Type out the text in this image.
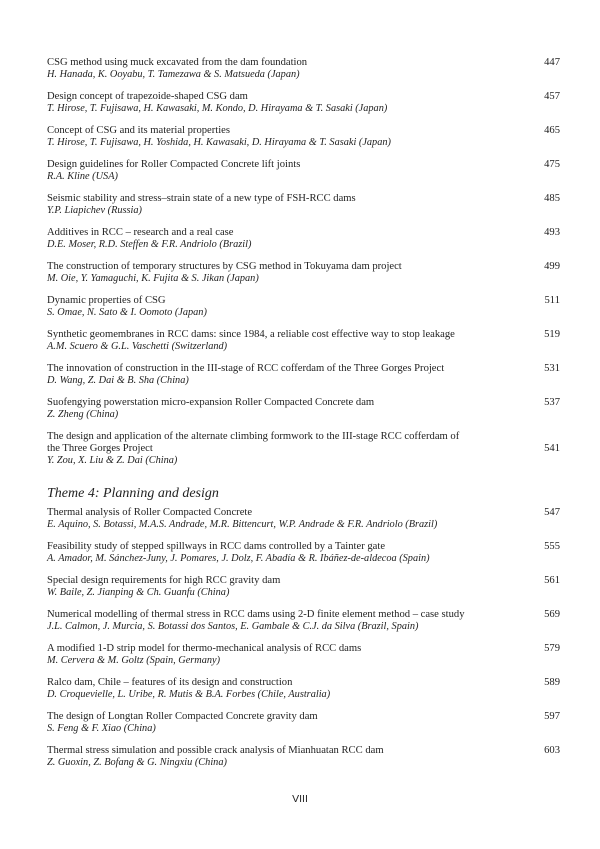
CSG method using muck excavated from the dam foundation
H. Hanada, K. Ooyabu, T. Tamezawa & S. Matsueda (Japan)
447
Design concept of trapezoide-shaped CSG dam
T. Hirose, T. Fujisawa, H. Kawasaki, M. Kondo, D. Hirayama & T. Sasaki (Japan)
457
Concept of CSG and its material properties
T. Hirose, T. Fujisawa, H. Yoshida, H. Kawasaki, D. Hirayama & T. Sasaki (Japan)
465
Design guidelines for Roller Compacted Concrete lift joints
R.A. Kline (USA)
475
Seismic stability and stress–strain state of a new type of FSH-RCC dams
Y.P. Liapichev (Russia)
485
Additives in RCC – research and a real case
D.E. Moser, R.D. Steffen & F.R. Andriolo (Brazil)
493
The construction of temporary structures by CSG method in Tokuyama dam project
M. Oie, Y. Yamaguchi, K. Fujita & S. Jikan (Japan)
499
Dynamic properties of CSG
S. Omae, N. Sato & I. Oomoto (Japan)
511
Synthetic geomembranes in RCC dams: since 1984, a reliable cost effective way to stop leakage
A.M. Scuero & G.L. Vaschetti (Switzerland)
519
The innovation of construction in the III-stage of RCC cofferdam of the Three Gorges Project
D. Wang, Z. Dai & B. Sha (China)
531
Suofengying powerstation micro-expansion Roller Compacted Concrete dam
Z. Zheng (China)
537
The design and application of the alternate climbing formwork to the III-stage RCC cofferdam of
the Three Gorges Project
Y. Zou, X. Liu & Z. Dai (China)
541
Theme 4: Planning and design
Thermal analysis of Roller Compacted Concrete
E. Aquino, S. Botassi, M.A.S. Andrade, M.R. Bittencurt, W.P. Andrade & F.R. Andriolo (Brazil)
547
Feasibility study of stepped spillways in RCC dams controlled by a Tainter gate
A. Amador, M. Sánchez-Juny, J. Pomares, J. Dolz, F. Abadía & R. Ibáñez-de-aldecoa (Spain)
555
Special design requirements for high RCC gravity dam
W. Baile, Z. Jianping & Ch. Guanfu (China)
561
Numerical modelling of thermal stress in RCC dams using 2-D finite element method – case study
J.L. Calmon, J. Murcia, S. Botassi dos Santos, E. Gambale & C.J. da Silva (Brazil, Spain)
569
A modified 1-D strip model for thermo-mechanical analysis of RCC dams
M. Cervera & M. Goltz (Spain, Germany)
579
Ralco dam, Chile – features of its design and construction
D. Croquevielle, L. Uribe, R. Mutis & B.A. Forbes (Chile, Australia)
589
The design of Longtan Roller Compacted Concrete gravity dam
S. Feng & F. Xiao (China)
597
Thermal stress simulation and possible crack analysis of Mianhuatan RCC dam
Z. Guoxin, Z. Bofang & G. Ningxiu (China)
603
VIII
